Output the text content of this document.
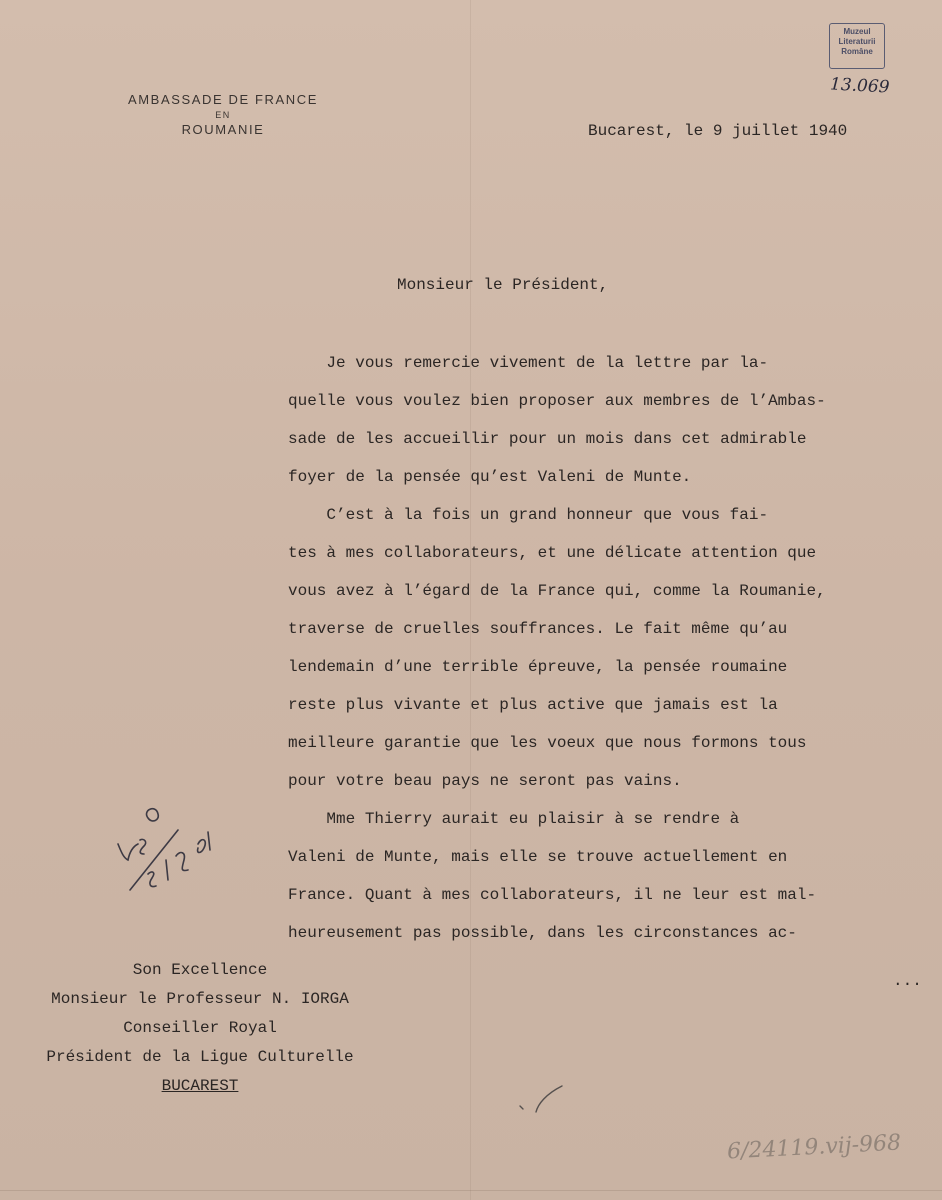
AMBASSADE DE FRANCE
EN
ROUMANIE
Muzeul
Literaturii
Române
13.069
Bucarest, le 9 juillet 1940
Monsieur le Président,
Je vous remercie vivement de la lettre par la-
quelle vous voulez bien proposer aux membres de l’Ambas-
sade de les accueillir pour un mois dans cet admirable
foyer de la pensée qu’est Valeni de Munte.
C’est à la fois un grand honneur que vous fai-
tes à mes collaborateurs, et une délicate attention que
vous avez à l’égard de la France qui, comme la Roumanie,
traverse de cruelles souffrances. Le fait même qu’au
lendemain d’une terrible épreuve, la pensée roumaine
reste plus vivante et plus active que jamais est la
meilleure garantie que les voeux que nous formons tous
pour votre beau pays ne seront pas vains.
Mme Thierry aurait eu plaisir à se rendre à
Valeni de Munte, mais elle se trouve actuellement en
France. Quant à mes collaborateurs, il ne leur est mal-
heureusement pas possible, dans les circonstances ac-
...
Son Excellence
Monsieur le Professeur N. IORGA
Conseiller Royal
Président de la Ligue Culturelle
BUCAREST
6/24119.vij-968
